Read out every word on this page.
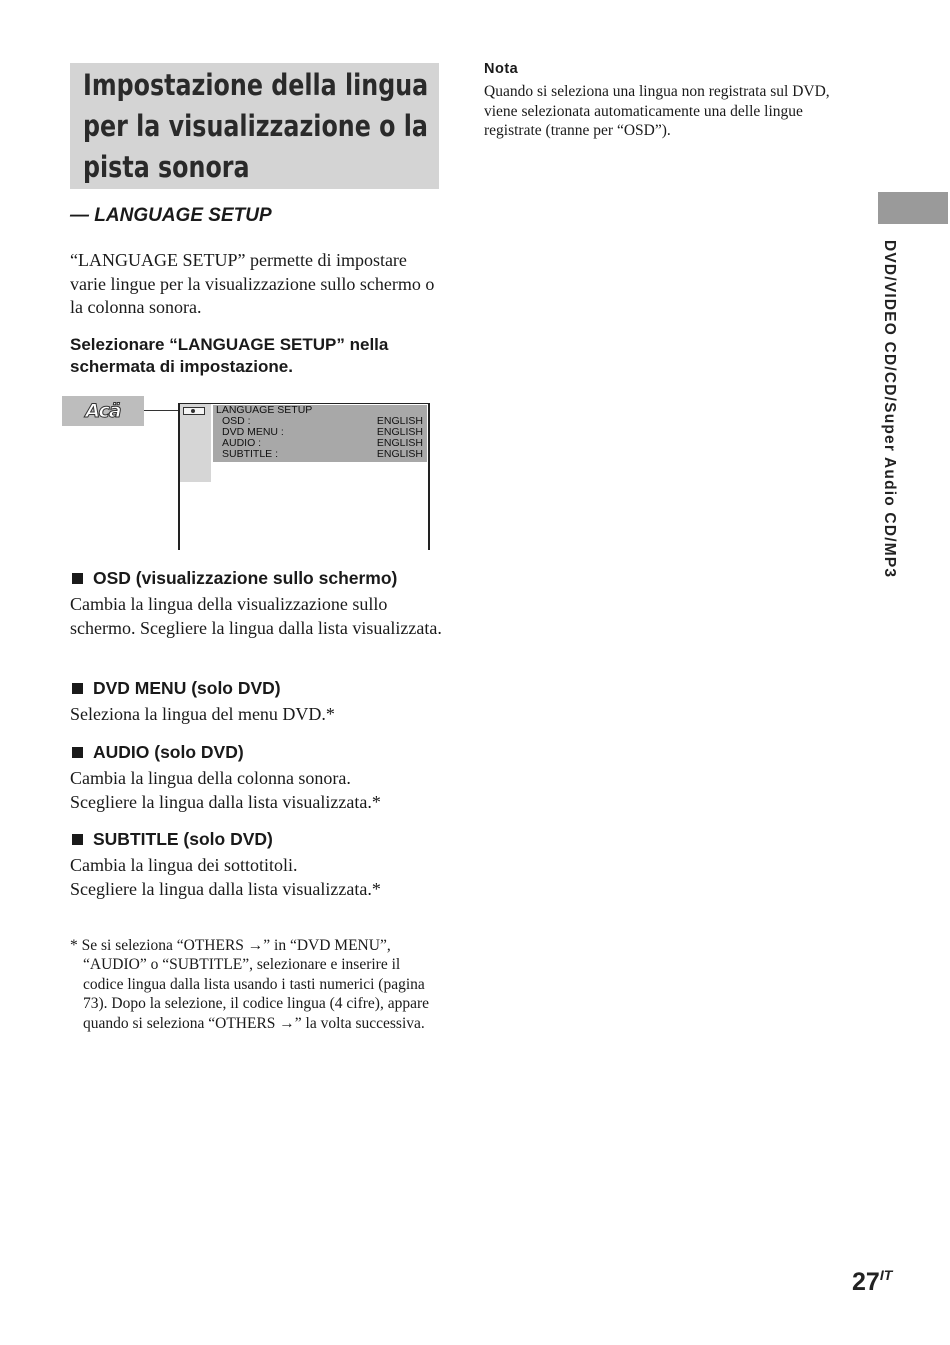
Impostazione della lingua
per la visualizzazione o la
pista sonora

— LANGUAGE SETUP

“LANGUAGE SETUP” permette di impostare varie lingue per la visualizzazione sullo schermo o la colonna sonora.

Selezionare “LANGUAGE SETUP” nella schermata di impostazione.

Acä	LANGUAGE SETUP
OSD :	ENGLISH
DVD MENU :	ENGLISH
AUDIO :	ENGLISH
SUBTITLE :	ENGLISH
OSD (visualizzazione sullo schermo)

Cambia la lingua della visualizzazione sullo schermo. Scegliere la lingua dalla lista visualizzata.

DVD MENU (solo DVD)

Seleziona la lingua del menu DVD.*

AUDIO (solo DVD)

Cambia la lingua della colonna sonora.
Scegliere la lingua dalla lista visualizzata.*

SUBTITLE (solo DVD)

Cambia la lingua dei sottotitoli.
Scegliere la lingua dalla lista visualizzata.*

* Se si seleziona “OTHERS →” in “DVD MENU”, “AUDIO” o “SUBTITLE”, selezionare e inserire il codice lingua dalla lista usando i tasti numerici (pagina 73). Dopo la selezione, il codice lingua (4 cifre), appare quando si seleziona “OTHERS →” la volta successiva.

Nota

Quando si seleziona una lingua non registrata sul DVD, viene selezionata automaticamente una delle lingue registrate (tranne per “OSD”).

DVD/VIDEO CD/CD/Super Audio CD/MP3
$27^{IT}$
